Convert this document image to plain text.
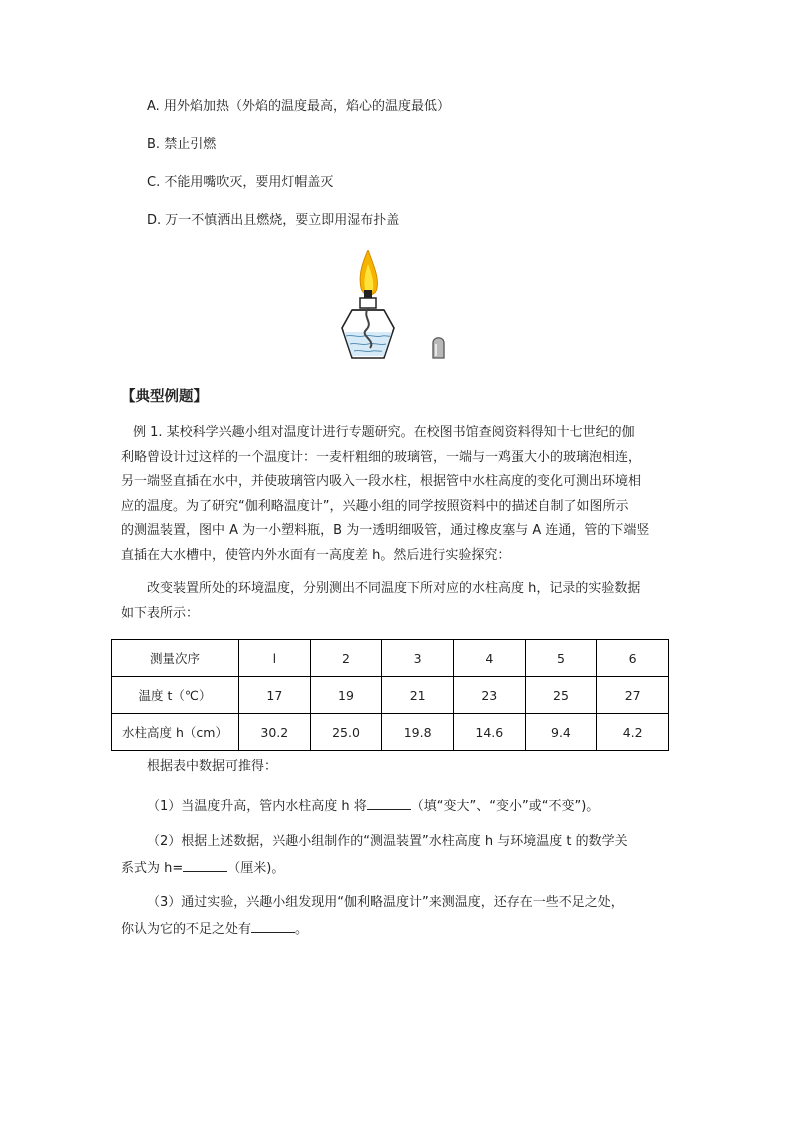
A. 用外焰加热（外焰的温度最高，焰心的温度最低）
B. 禁止引燃
C. 不能用嘴吹灭，要用灯帽盖灭
D. 万一不慎洒出且燃烧，要立即用湿布扑盖
【典型例题】

例 1. 某校科学兴趣小组对温度计进行专题研究。在校图书馆查阅资料得知十七世纪的伽

利略曾设计过这样的一个温度计：一麦杆粗细的玻璃管，一端与一鸡蛋大小的玻璃泡相连，

另一端竖直插在水中，并使玻璃管内吸入一段水柱，根据管中水柱高度的变化可测出环境相

应的温度。为了研究“伽利略温度计”，兴趣小组的同学按照资料中的描述自制了如图所示

的测温装置，图中 A 为一小塑料瓶，B 为一透明细吸管，通过橡皮塞与 A 连通，管的下端竖

直插在大水槽中，使管内外水面有一高度差 h。然后进行实验探究：

改变装置所处的环境温度，分别测出不同温度下所对应的水柱高度 h，记录的实验数据
如下表所示：
测量次序	l	2	3	4	5	6
温度 t（℃）	17	19	21	23	25	27
水柱高度 h（cm）	30.2	25.0	19.8	14.6	9.4	4.2
根据表中数据可推得：
（1）当温度升高，管内水柱高度 h 将	（填“变大”、“变小”或“不变”)。
（2）根据上述数据，兴趣小组制作的“测温装置”水柱高度 h 与环境温度 t 的数学关
系式为 h=	（厘米)。
（3）通过实验，兴趣小组发现用“伽利略温度计”来测温度，还存在一些不足之处，
你认为它的不足之处有	。
